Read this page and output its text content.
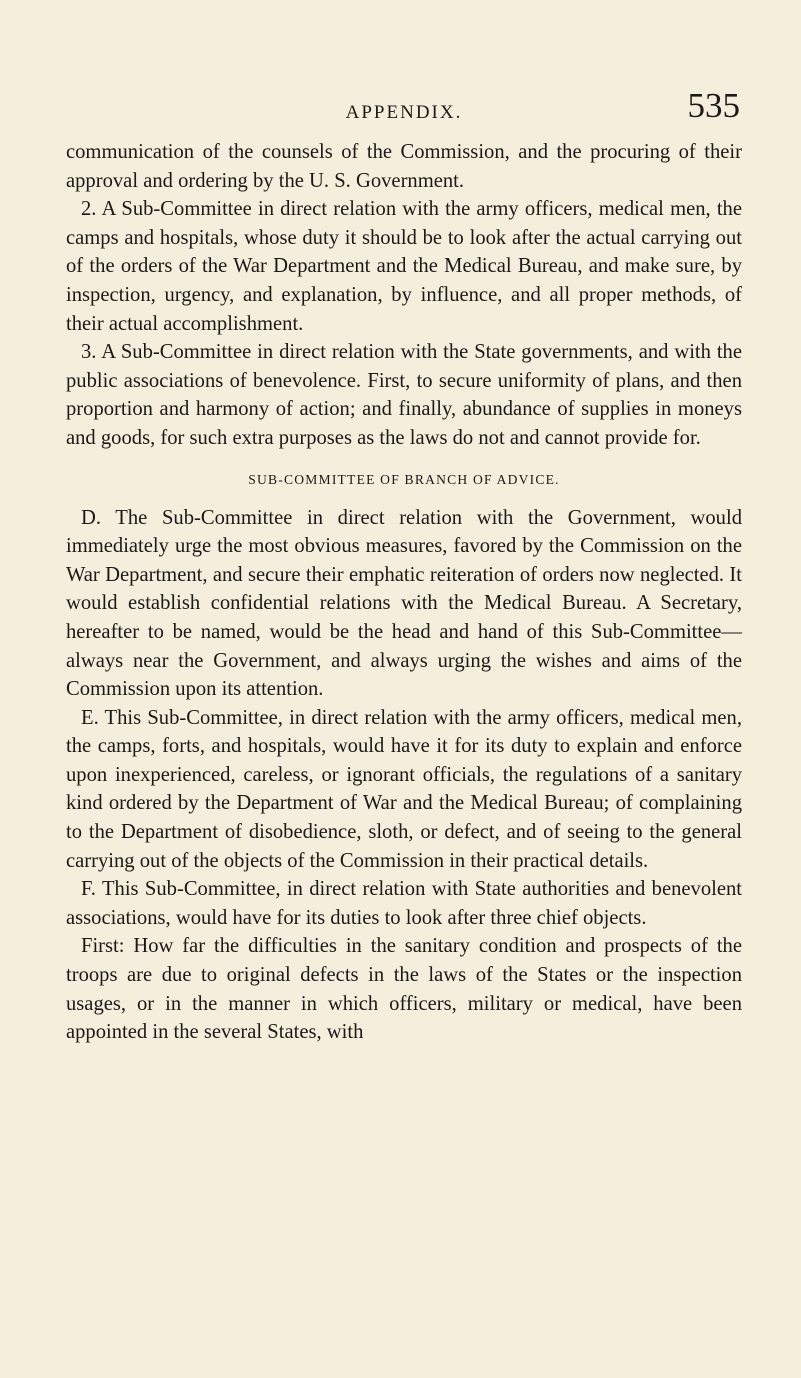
APPENDIX.	535

communication of the counsels of the Commission, and the procuring of their approval and ordering by the U. S. Government.

2. A Sub-Committee in direct relation with the army officers, medical men, the camps and hospitals, whose duty it should be to look after the actual carrying out of the orders of the War Department and the Medical Bureau, and make sure, by inspection, urgency, and explanation, by influence, and all proper methods, of their actual accomplishment.

3. A Sub-Committee in direct relation with the State governments, and with the public associations of benevolence. First, to secure uniformity of plans, and then proportion and harmony of action; and finally, abundance of supplies in moneys and goods, for such extra purposes as the laws do not and cannot provide for.

SUB-COMMITTEE OF BRANCH OF ADVICE.

D. The Sub-Committee in direct relation with the Government, would immediately urge the most obvious measures, favored by the Commission on the War Department, and secure their emphatic reiteration of orders now neglected. It would establish confidential relations with the Medical Bureau. A Secretary, hereafter to be named, would be the head and hand of this Sub-Committee—always near the Government, and always urging the wishes and aims of the Commission upon its attention.

E. This Sub-Committee, in direct relation with the army officers, medical men, the camps, forts, and hospitals, would have it for its duty to explain and enforce upon inexperienced, careless, or ignorant officials, the regulations of a sanitary kind ordered by the Department of War and the Medical Bureau; of complaining to the Department of disobedience, sloth, or defect, and of seeing to the general carrying out of the objects of the Commission in their practical details.

F. This Sub-Committee, in direct relation with State authorities and benevolent associations, would have for its duties to look after three chief objects.

First: How far the difficulties in the sanitary condition and prospects of the troops are due to original defects in the laws of the States or the inspection usages, or in the manner in which officers, military or medical, have been appointed in the several States, with
